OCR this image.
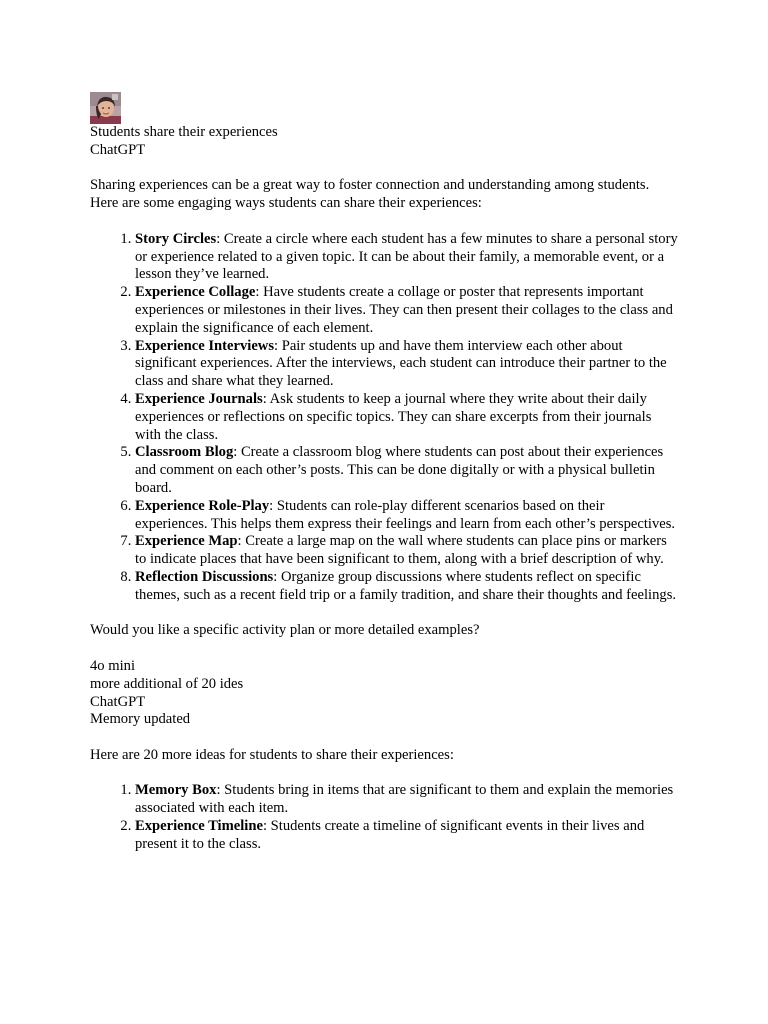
Students share their experiences
ChatGPT
Sharing experiences can be a great way to foster connection and understanding among students. Here are some engaging ways students can share their experiences:
1. Story Circles: Create a circle where each student has a few minutes to share a personal story or experience related to a given topic. It can be about their family, a memorable event, or a lesson they’ve learned.
2. Experience Collage: Have students create a collage or poster that represents important experiences or milestones in their lives. They can then present their collages to the class and explain the significance of each element.
3. Experience Interviews: Pair students up and have them interview each other about significant experiences. After the interviews, each student can introduce their partner to the class and share what they learned.
4. Experience Journals: Ask students to keep a journal where they write about their daily experiences or reflections on specific topics. They can share excerpts from their journals with the class.
5. Classroom Blog: Create a classroom blog where students can post about their experiences and comment on each other’s posts. This can be done digitally or with a physical bulletin board.
6. Experience Role-Play: Students can role-play different scenarios based on their experiences. This helps them express their feelings and learn from each other’s perspectives.
7. Experience Map: Create a large map on the wall where students can place pins or markers to indicate places that have been significant to them, along with a brief description of why.
8. Reflection Discussions: Organize group discussions where students reflect on specific themes, such as a recent field trip or a family tradition, and share their thoughts and feelings.
Would you like a specific activity plan or more detailed examples?
4o mini
more additional of 20 ides
ChatGPT
Memory updated
Here are 20 more ideas for students to share their experiences:
1. Memory Box: Students bring in items that are significant to them and explain the memories associated with each item.
2. Experience Timeline: Students create a timeline of significant events in their lives and present it to the class.
